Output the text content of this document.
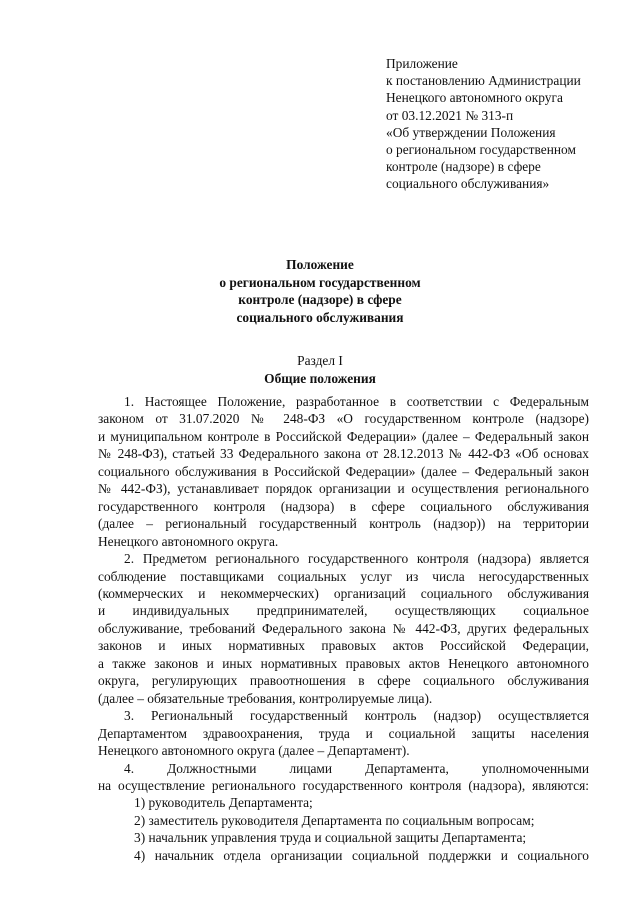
Приложение
к постановлению Администрации
Ненецкого автономного округа
от 03.12.2021 № 313-п
«Об утверждении Положения
о региональном государственном
контроле (надзоре) в сфере
социального обслуживания»
Положение
о региональном государственном
контроле (надзоре) в сфере
социального обслуживания
Раздел I
Общие положения

1. Настоящее Положение, разработанное в соответствии с Федеральным

законом от 31.07.2020 № 248-ФЗ «О государственном контроле (надзоре)

и муниципальном контроле в Российской Федерации» (далее – Федеральный закон

№ 248-ФЗ), статьей 33 Федерального закона от 28.12.2013 № 442-ФЗ «Об основах

социального обслуживания в Российской Федерации» (далее – Федеральный закон

№ 442-ФЗ), устанавливает порядок организации и осуществления регионального

государственного контроля (надзора) в сфере социального обслуживания

(далее – региональный государственный контроль (надзор)) на территории

Ненецкого автономного округа.

2. Предметом регионального государственного контроля (надзора) является

соблюдение поставщиками социальных услуг из числа негосударственных

(коммерческих и некоммерческих) организаций социального обслуживания

и индивидуальных предпринимателей, осуществляющих социальное

обслуживание, требований Федерального закона № 442-ФЗ, других федеральных

законов и иных нормативных правовых актов Российской Федерации,

а также законов и иных нормативных правовых актов Ненецкого автономного

округа, регулирующих правоотношения в сфере социального обслуживания

(далее – обязательные требования, контролируемые лица).

3. Региональный государственный контроль (надзор) осуществляется

Департаментом здравоохранения, труда и социальной защиты населения

Ненецкого автономного округа (далее – Департамент).

4. Должностными лицами Департамента, уполномоченными

на осуществление регионального государственного контроля (надзора), являются:

1) руководитель Департамента;

2) заместитель руководителя Департамента по социальным вопросам;

3) начальник управления труда и социальной защиты Департамента;

4) начальник отдела организации социальной поддержки и социального
